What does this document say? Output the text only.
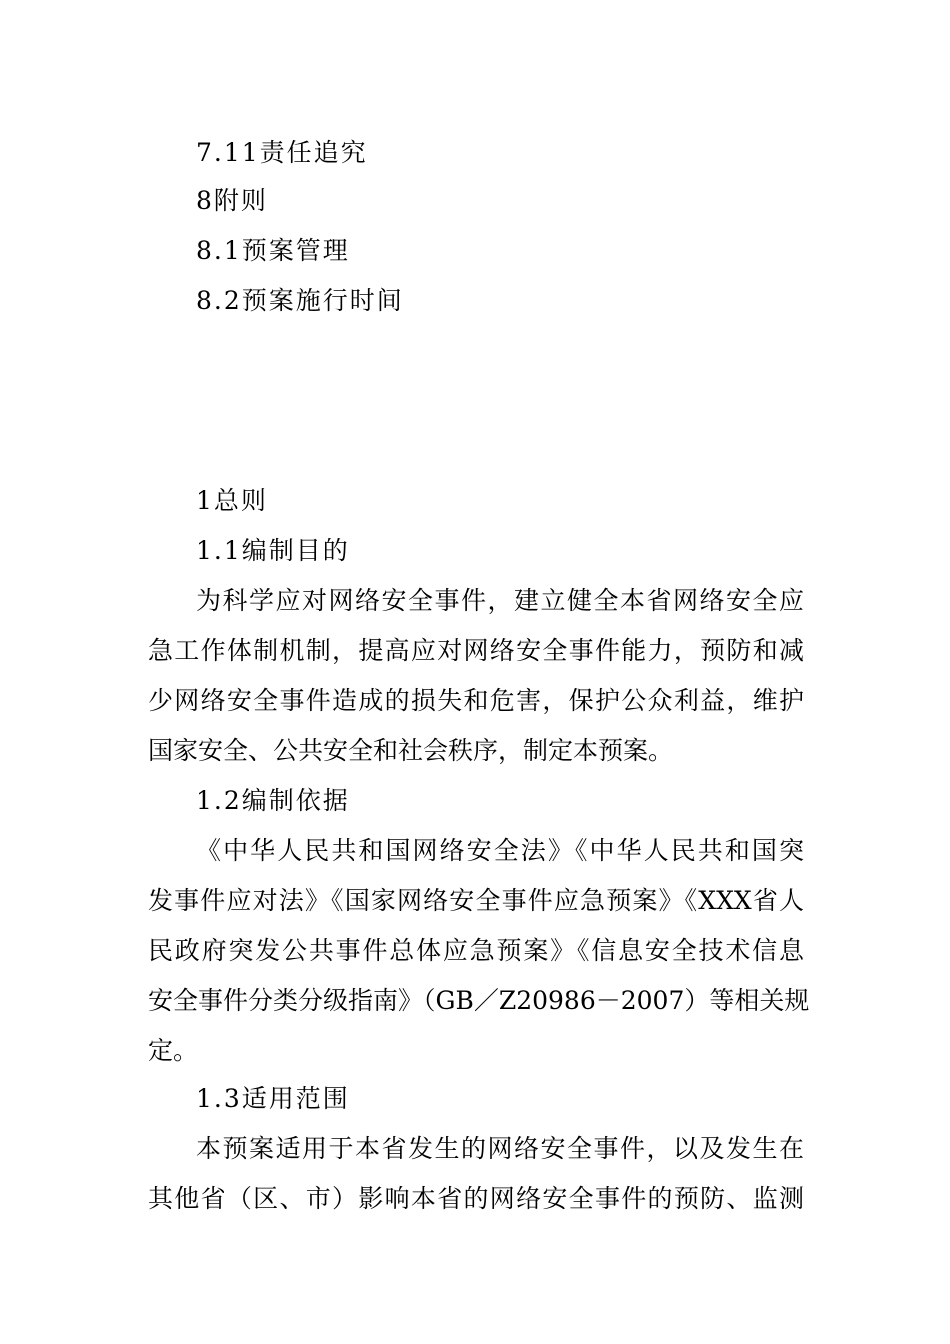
7.11责任追究
8附则
8.1预案管理
8.2预案施行时间
1总则
1.1编制目的
为科学应对网络安全事件，建立健全本省网络安全应
急工作体制机制，提高应对网络安全事件能力，预防和减
少网络安全事件造成的损失和危害，保护公众利益，维护
国家安全、公共安全和社会秩序，制定本预案。
1.2编制依据
《中华人民共和国网络安全法》《中华人民共和国突
发事件应对法》《国家网络安全事件应急预案》《XXX省人
民政府突发公共事件总体应急预案》《信息安全技术信息
安全事件分类分级指南》（GB／Z20986－2007）等相关规
定。
1.3适用范围
本预案适用于本省发生的网络安全事件，以及发生在
其他省（区、市）影响本省的网络安全事件的预防、监测
